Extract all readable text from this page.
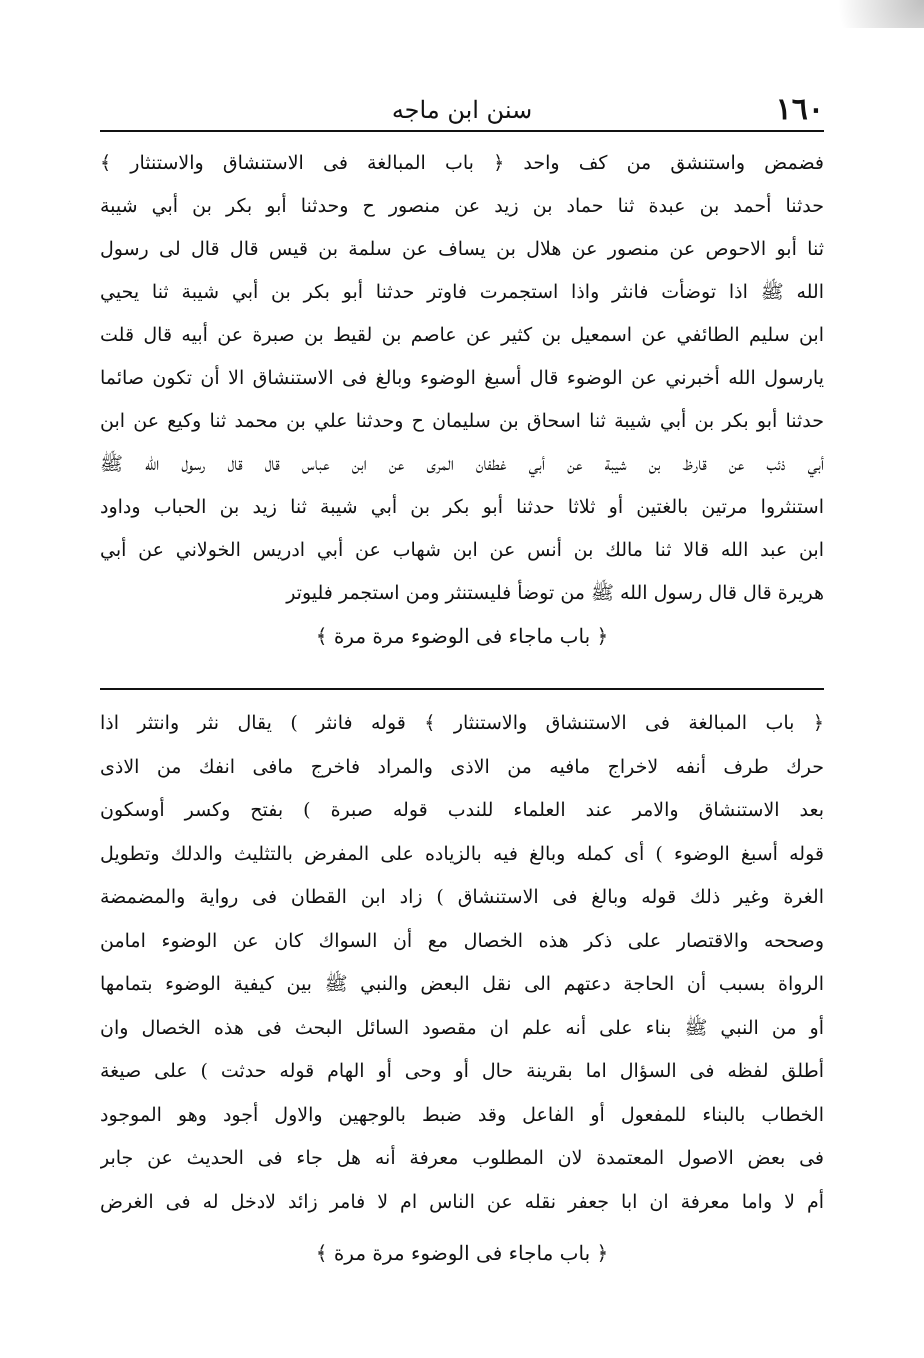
١٦٠
سنن ابن ماجه
فضمض واستنشق من كف واحد ﴿ باب المبالغة فى الاستنشاق والاستنثار ﴾
حدثنا أحمد بن عبدة ثنا حماد بن زيد عن منصور ح وحدثنا أبو بكر بن أبي شيبة
ثنا أبو الاحوص عن منصور عن هلال بن يساف عن سلمة بن قيس قال قال لى رسول
الله ﷺ اذا توضأت فانثر واذا استجمرت فاوتر حدثنا أبو بكر بن أبي شيبة ثنا يحيي
ابن سليم الطائفي عن اسمعيل بن كثير عن عاصم بن لقيط بن صبرة عن أبيه قال قلت
يارسول الله أخبرني عن الوضوء قال أسبغ الوضوء وبالغ فى الاستنشاق الا أن تكون صائما
حدثنا أبو بكر بن أبي شيبة ثنا اسحاق بن سليمان ح وحدثنا علي بن محمد ثنا وكيع عن ابن
أبي ذئب عن قارظ بن شيبة عن أبي غطفان المرى عن ابن عباس قال قال رسول الله ﷺ
استنثروا مرتين بالغتين أو ثلاثا حدثنا أبو بكر بن أبي شيبة ثنا زيد بن الحباب وداود
ابن عبد الله قالا ثنا مالك بن أنس عن ابن شهاب عن أبي ادريس الخولاني عن أبي
هريرة قال قال رسول الله ﷺ من توضأ فليستنثر ومن استجمر فليوتر
﴿ باب ماجاء فى الوضوء مرة مرة ﴾
﴿ باب المبالغة فى الاستنشاق والاستنثار ﴾ قوله فانثر ) يقال نثر وانتثر اذا
حرك طرف أنفه لاخراج مافيه من الاذى والمراد فاخرج مافى انفك من الاذى
بعد الاستنشاق والامر عند العلماء للندب قوله صبرة ) بفتح وكسر أوسكون
قوله أسبغ الوضوء ) أى كمله وبالغ فيه بالزياده على المفرض بالتثليث والدلك وتطويل
الغرة وغير ذلك قوله وبالغ فى الاستنشاق ) زاد ابن القطان فى رواية والمضمضة
وصححه والاقتصار على ذكر هذه الخصال مع أن السواك كان عن الوضوء امامن
الرواة بسبب أن الحاجة دعتهم الى نقل البعض والنبي ﷺ بين كيفية الوضوء بتمامها
أو من النبي ﷺ بناء على أنه علم ان مقصود السائل البحث فى هذه الخصال وان
أطلق لفظه فى السؤال اما بقرينة حال أو وحى أو الهام قوله حدثت ) على صيغة
الخطاب بالبناء للمفعول أو الفاعل وقد ضبط بالوجهين والاول أجود وهو الموجود
فى بعض الاصول المعتمدة لان المطلوب معرفة أنه هل جاء فى الحديث عن جابر
أم لا واما معرفة ان ابا جعفر نقله عن الناس ام لا فامر زائد لادخل له فى الغرض
﴿ باب ماجاء فى الوضوء مرة مرة ﴾
